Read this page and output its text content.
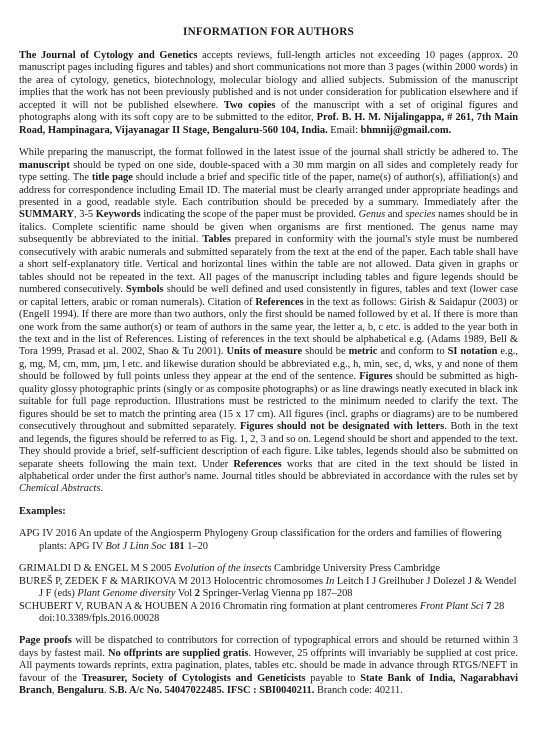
INFORMATION FOR AUTHORS

The Journal of Cytology and Genetics accepts reviews, full-length articles not exceeding 10 pages (approx. 20 manuscript pages including figures and tables) and short communications not more than 3 pages (within 2000 words) in the area of cytology, genetics, biotechnology, molecular biology and allied subjects. Submission of the manuscript implies that the work has not been previously published and is not under consideration for publication elsewhere and if accepted it will not be published elsewhere. Two copies of the manuscript with a set of original figures and photographs along with its soft copy are to be submitted to the editor, Prof. B. H. M. Nijalingappa, # 261, 7th Main Road, Hampinagara, Vijayanagar II Stage, Bengaluru-560 104, India. Email: bhmnij@gmail.com.

While preparing the manuscript, the format followed in the latest issue of the journal shall strictly be adhered to. The manuscript should be typed on one side, double-spaced with a 30 mm margin on all sides and completely ready for type setting. The title page should include a brief and specific title of the paper, name(s) of author(s), affiliation(s) and address for correspondence including Email ID. The material must be clearly arranged under appropriate headings and presented in a good, readable style. Each contribution should be preceded by a summary. Immediately after the SUMMARY, 3-5 Keywords indicating the scope of the paper must be provided. Genus and species names should be in italics. Complete scientific name should be given when organisms are first mentioned. The genus name may subsequently be abbreviated to the initial. Tables prepared in conformity with the journal's style must be numbered consecutively with arabic numerals and submitted separately from the text at the end of the paper. Each table shall have a short self-explanatory title. Vertical and horizontal lines within the table are not allowed. Data given in graphs or tables should not be repeated in the text. All pages of the manuscript including tables and figure legends should be numbered consecutively. Symbols should be well defined and used consistently in figures, tables and text (lower case or capital letters, arabic or roman numerals). Citation of References in the text as follows: Girish & Saidapur (2003) or (Engell 1994). If there are more than two authors, only the first should be named followed by et al. If there is more than one work from the same author(s) or team of authors in the same year, the letter a, b, c etc. is added to the year both in the text and in the list of References. Listing of references in the text should be alphabetical e.g. (Adams 1989, Bell & Tora 1999, Prasad et al. 2002, Shao & Tu 2001). Units of measure should be metric and conform to SI notation e.g., g, mg, M, cm, mm, µm, l etc. and likewise duration should be abbreviated e.g., h, min, sec, d, wks, y and none of them should be followed by full points unless they appear at the end of the sentence. Figures should be submitted as high-quality glossy photographic prints (singly or as composite photographs) or as line drawings neatly executed in black ink suitable for full page reproduction. Illustrations must be restricted to the minimum needed to clarify the text. The figures should be set to match the printing area (15 x 17 cm). All figures (incl. graphs or diagrams) are to be numbered consecutively throughout and submitted separately. Figures should not be designated with letters. Both in the text and legends, the figures should be referred to as Fig. 1, 2, 3 and so on. Legend should be short and appended to the text. They should provide a brief, self-sufficient description of each figure. Like tables, legends should also be submitted on separate sheets following the main text. Under References works that are cited in the text should be listed in alphabetical order under the first author's name. Journal titles should be abbreviated in accordance with the rules set by Chemical Abstracts.

Examples:

APG IV 2016 An update of the Angiosperm Phylogeny Group classification for the orders and families of flowering plants: APG IV Bot J Linn Soc 181 1–20

GRIMALDI D & ENGEL M S 2005 Evolution of the insects Cambridge University Press Cambridge

BUREŠ P, ZEDEK F & MARIKOVA M 2013 Holocentric chromosomes In Leitch I J Greilhuber J Dolezel J & Wendel J F (eds) Plant Genome diversity Vol 2 Springer-Verlag Vienna pp 187–208

SCHUBERT V, RUBAN A & HOUBEN A 2016 Chromatin ring formation at plant centromeres Front Plant Sci 7 28 doi:10.3389/fpls.2016.00028

Page proofs will be dispatched to contributors for correction of typographical errors and should be returned within 3 days by fastest mail. No offprints are supplied gratis. However, 25 offprints will invariably be supplied at cost price. All payments towards reprints, extra pagination, plates, tables etc. should be made in advance through RTGS/NEFT in favour of the Treasurer, Society of Cytologists and Geneticists payable to State Bank of India, Nagarabhavi Branch, Bengaluru. S.B. A/c No. 54047022485. IFSC : SBI0040211. Branch code: 40211.
